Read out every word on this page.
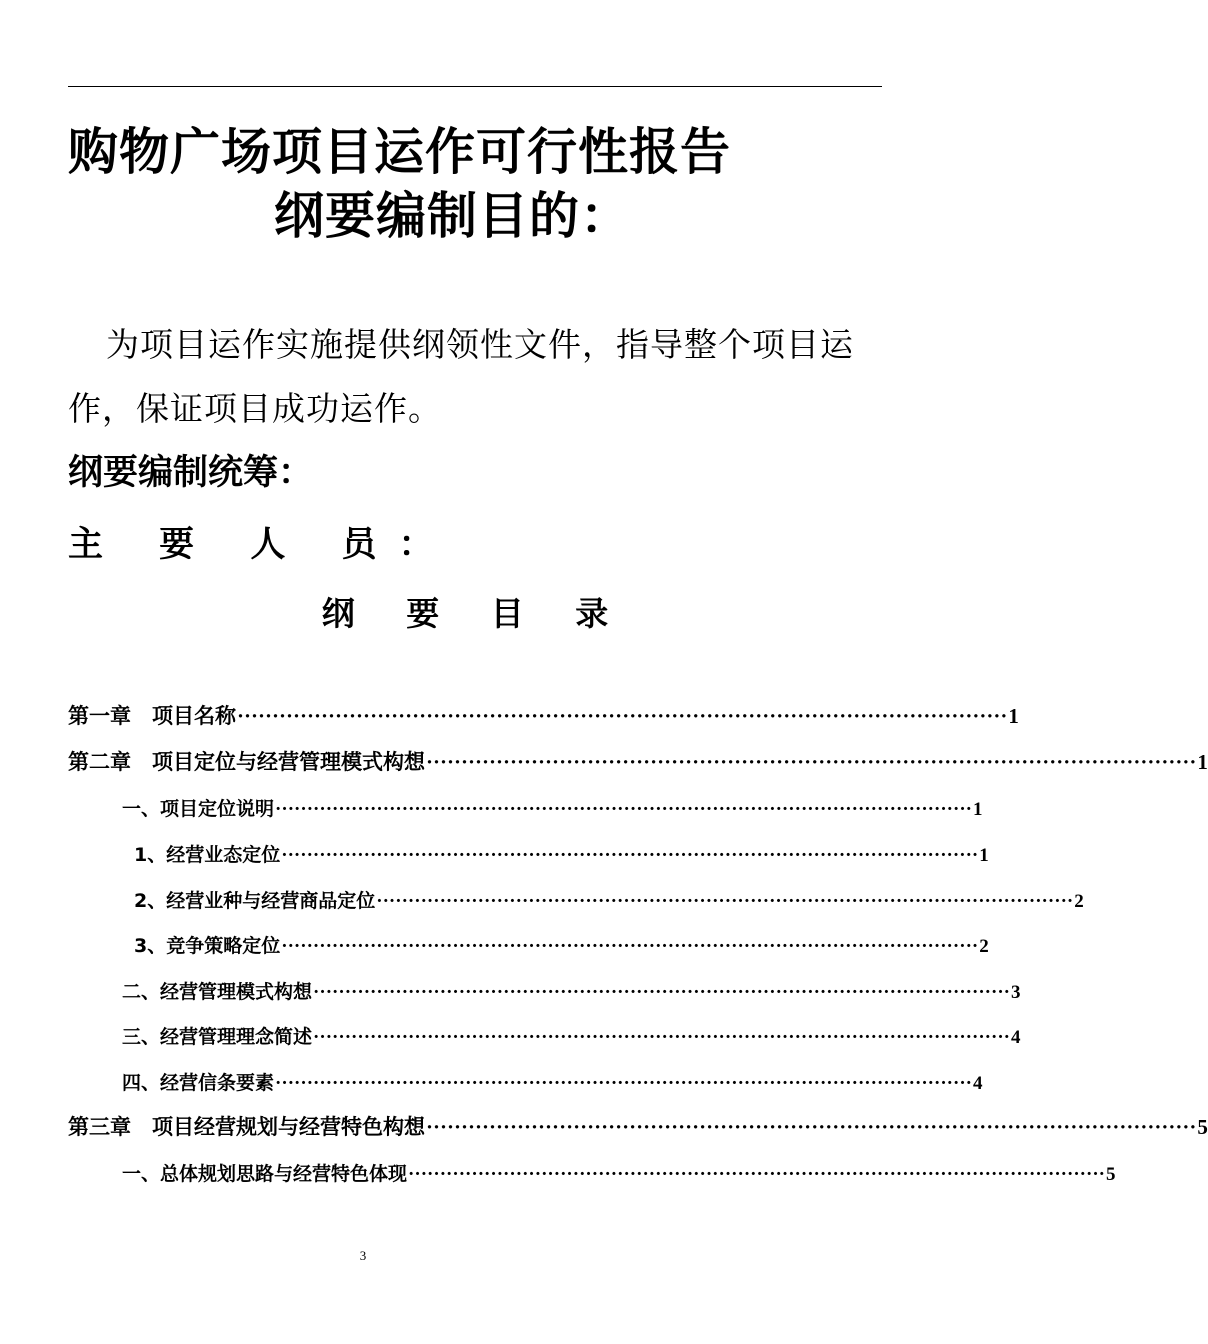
购物广场项目运作可行性报告
纲要编制目的：
为项目运作实施提供纲领性文件，指导整个项目运作，保证项目成功运作。
纲要编制统筹：
主 要 人 员：
纲 要 目 录
第一章　项目名称 ·············································································································· 1
第二章　项目定位与经营管理模式构想 ·············································································································· 1
一、项目定位说明 ·············································································································· 1
1、经营业态定位 ·············································································································· 1
2、经营业种与经营商品定位 ·············································································································· 2
3、竞争策略定位 ·············································································································· 2
二、经营管理模式构想 ·············································································································· 3
三、经营管理理念简述 ·············································································································· 4
四、经营信条要素 ·············································································································· 4
第三章　项目经营规划与经营特色构想 ·············································································································· 5
一、总体规划思路与经营特色体现 ·············································································································· 5
3
